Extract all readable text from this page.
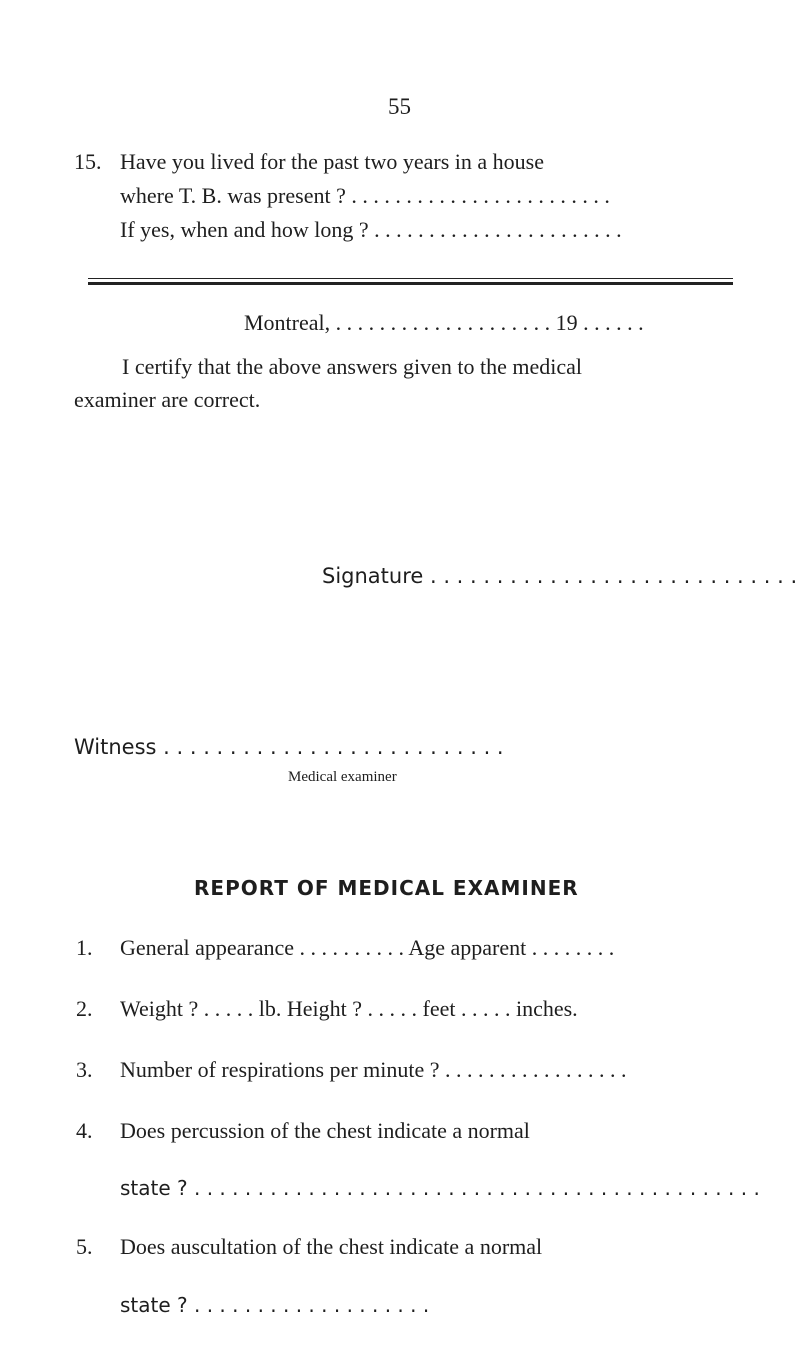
55
15. Have you lived for the past two years in a house
where T. B. was present ? . . . . . . . . . . . . . . . . . . . . . . . .
If yes, when and how long ? . . . . . . . . . . . . . . . . . . . . . . .
Montreal, . . . . . . . . . . . . . . . . . . . . 19 . . . . . .
I certify that the above answers given to the medical
examiner are correct.
Signature . . . . . . . . . . . . . . . . . . . . . . . . . . . .
Witness . . . . . . . . . . . . . . . . . . . . . . . . . .
Medical examiner
REPORT OF MEDICAL EXAMINER
1. General appearance . . . . . . . . . . Age apparent . . . . . . . .
2. Weight ? . . . . . lb. Height ? . . . . . feet . . . . . inches.
3. Number of respirations per minute ? . . . . . . . . . . . . . . . . .
4. Does percussion of the chest indicate a normal
state ? . . . . . . . . . . . . . . . . . . . . . . . . . . . . . . . . . . . . . . . . . . . . .
5. Does auscultation of the chest indicate a normal
state ? . . . . . . . . . . . . . . . . . . .
